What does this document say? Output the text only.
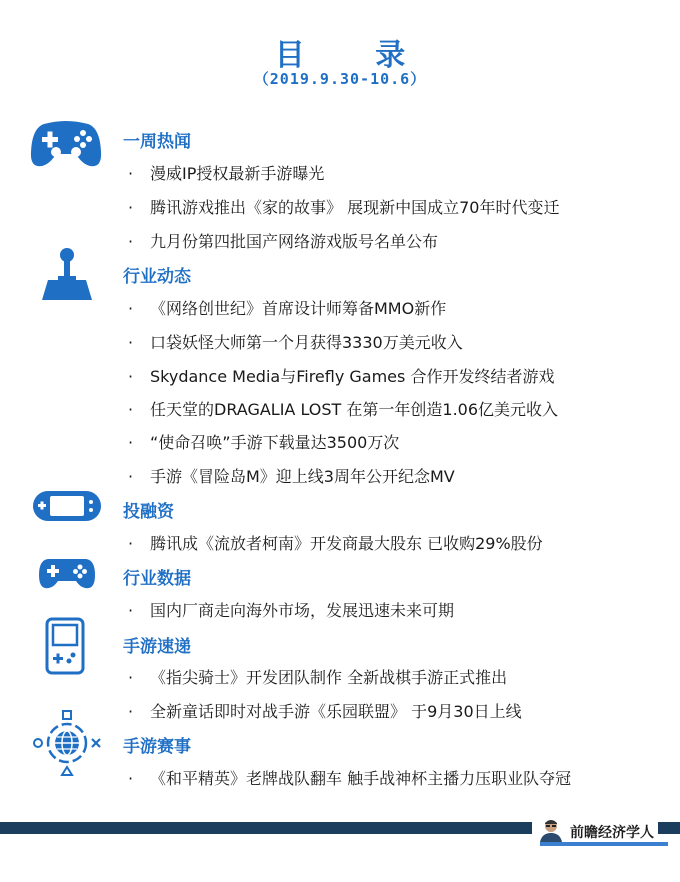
目 录
（2019.9.30-10.6）
一周热闻
· 漫威IP授权最新手游曝光
· 腾讯游戏推出《家的故事》 展现新中国成立70年时代变迁
· 九月份第四批国产网络游戏版号名单公布
行业动态
· 《网络创世纪》首席设计师筹备MMO新作
· 口袋妖怪大师第一个月获得3330万美元收入
· Skydance Media与Firefly Games 合作开发终结者游戏
· 任天堂的DRAGALIA LOST 在第一年创造1.06亿美元收入
· “使命召唤”手游下载量达3500万次
· 手游《冒险岛M》迎上线3周年公开纪念MV
投融资
· 腾讯成《流放者柯南》开发商最大股东 已收购29%股份
行业数据
· 国内厂商走向海外市场，发展迅速未来可期
手游速递
· 《指尖骑士》开发团队制作 全新战棋手游正式推出
· 全新童话即时对战手游《乐园联盟》 于9月30日上线
手游赛事
· 《和平精英》老牌战队翻车 触手战神杯主播力压职业队夺冠
前瞻经济学人
